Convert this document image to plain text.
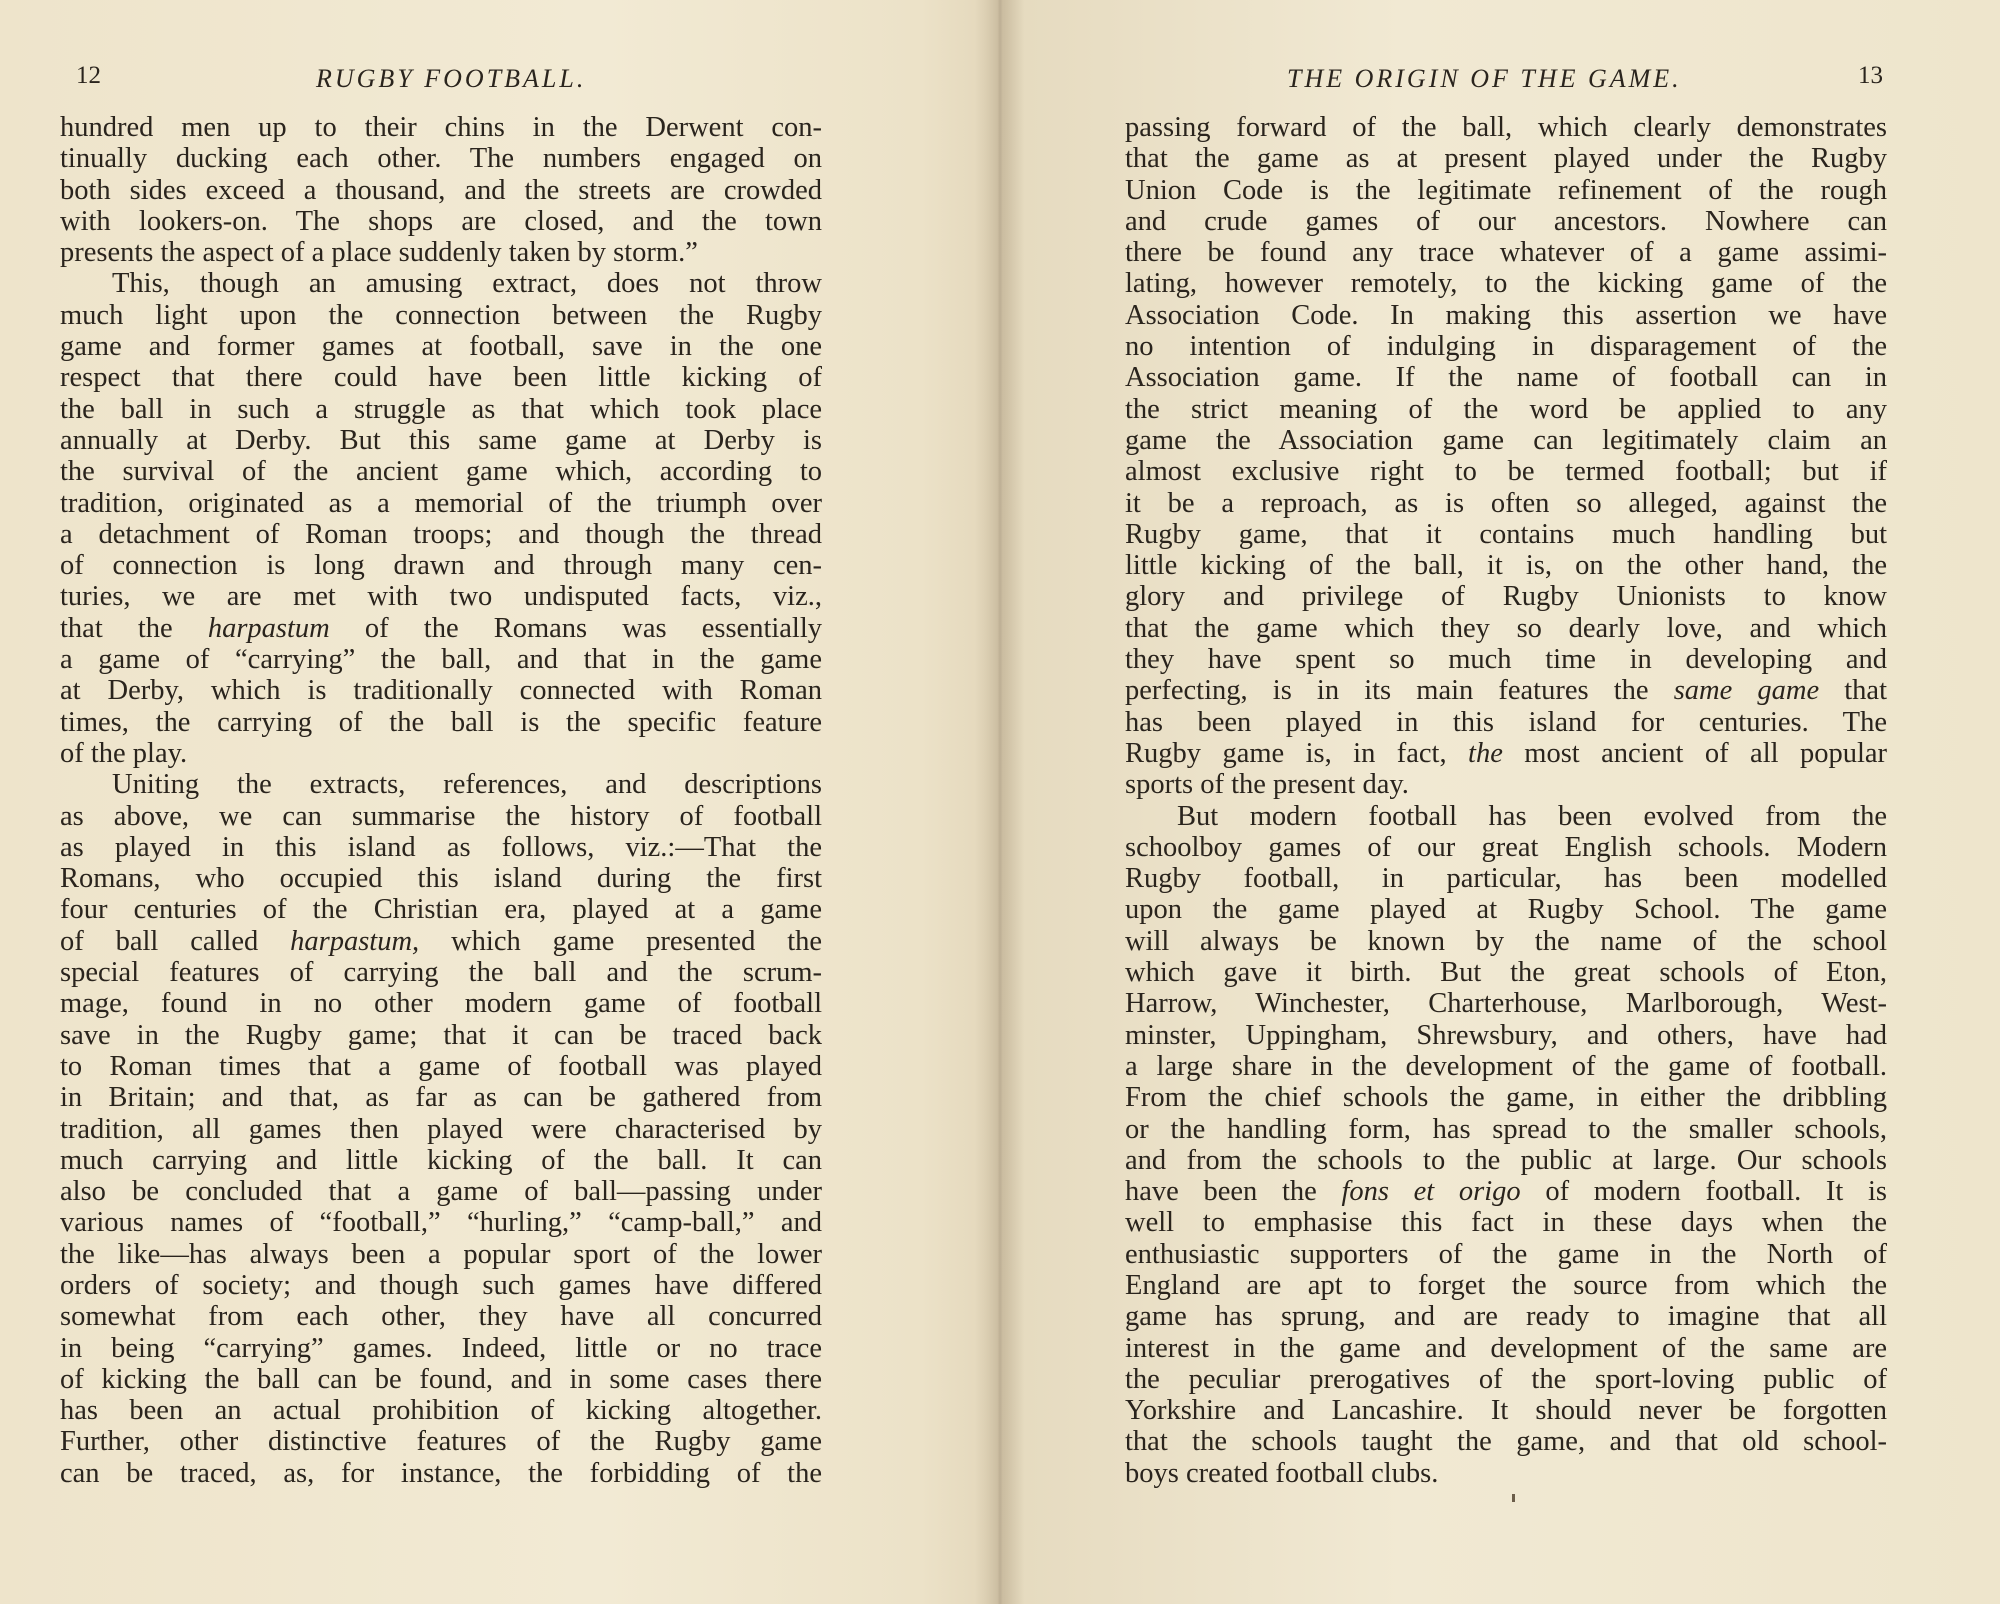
12	RUGBY FOOTBALL.
hundred men up to their chins in the Derwent con-
tinually ducking each other. The numbers engaged on
both sides exceed a thousand, and the streets are crowded
with lookers-on. The shops are closed, and the town
presents the aspect of a place suddenly taken by storm.”
This, though an amusing extract, does not throw
much light upon the connection between the Rugby
game and former games at football, save in the one
respect that there could have been little kicking of
the ball in such a struggle as that which took place
annually at Derby. But this same game at Derby is
the survival of the ancient game which, according to
tradition, originated as a memorial of the triumph over
a detachment of Roman troops; and though the thread
of connection is long drawn and through many cen-
turies, we are met with two undisputed facts, viz.,
that the harpastum of the Romans was essentially
a game of “carrying” the ball, and that in the game
at Derby, which is traditionally connected with Roman
times, the carrying of the ball is the specific feature
of the play.
Uniting the extracts, references, and descriptions
as above, we can summarise the history of football
as played in this island as follows, viz.:—That the
Romans, who occupied this island during the first
four centuries of the Christian era, played at a game
of ball called harpastum, which game presented the
special features of carrying the ball and the scrum-
mage, found in no other modern game of football
save in the Rugby game; that it can be traced back
to Roman times that a game of football was played
in Britain; and that, as far as can be gathered from
tradition, all games then played were characterised by
much carrying and little kicking of the ball. It can
also be concluded that a game of ball—passing under
various names of “football,” “hurling,” “camp-ball,” and
the like—has always been a popular sport of the lower
orders of society; and though such games have differed
somewhat from each other, they have all concurred
in being “carrying” games. Indeed, little or no trace
of kicking the ball can be found, and in some cases there
has been an actual prohibition of kicking altogether.
Further, other distinctive features of the Rugby game
can be traced, as, for instance, the forbidding of the
THE ORIGIN OF THE GAME.	13
passing forward of the ball, which clearly demonstrates
that the game as at present played under the Rugby
Union Code is the legitimate refinement of the rough
and crude games of our ancestors. Nowhere can
there be found any trace whatever of a game assimi-
lating, however remotely, to the kicking game of the
Association Code. In making this assertion we have
no intention of indulging in disparagement of the
Association game. If the name of football can in
the strict meaning of the word be applied to any
game the Association game can legitimately claim an
almost exclusive right to be termed football; but if
it be a reproach, as is often so alleged, against the
Rugby game, that it contains much handling but
little kicking of the ball, it is, on the other hand, the
glory and privilege of Rugby Unionists to know
that the game which they so dearly love, and which
they have spent so much time in developing and
perfecting, is in its main features the same game that
has been played in this island for centuries. The
Rugby game is, in fact, the most ancient of all popular
sports of the present day.
But modern football has been evolved from the
schoolboy games of our great English schools. Modern
Rugby football, in particular, has been modelled
upon the game played at Rugby School. The game
will always be known by the name of the school
which gave it birth. But the great schools of Eton,
Harrow, Winchester, Charterhouse, Marlborough, West-
minster, Uppingham, Shrewsbury, and others, have had
a large share in the development of the game of football.
From the chief schools the game, in either the dribbling
or the handling form, has spread to the smaller schools,
and from the schools to the public at large. Our schools
have been the fons et origo of modern football. It is
well to emphasise this fact in these days when the
enthusiastic supporters of the game in the North of
England are apt to forget the source from which the
game has sprung, and are ready to imagine that all
interest in the game and development of the same are
the peculiar prerogatives of the sport-loving public of
Yorkshire and Lancashire. It should never be forgotten
that the schools taught the game, and that old school-
boys created football clubs.
